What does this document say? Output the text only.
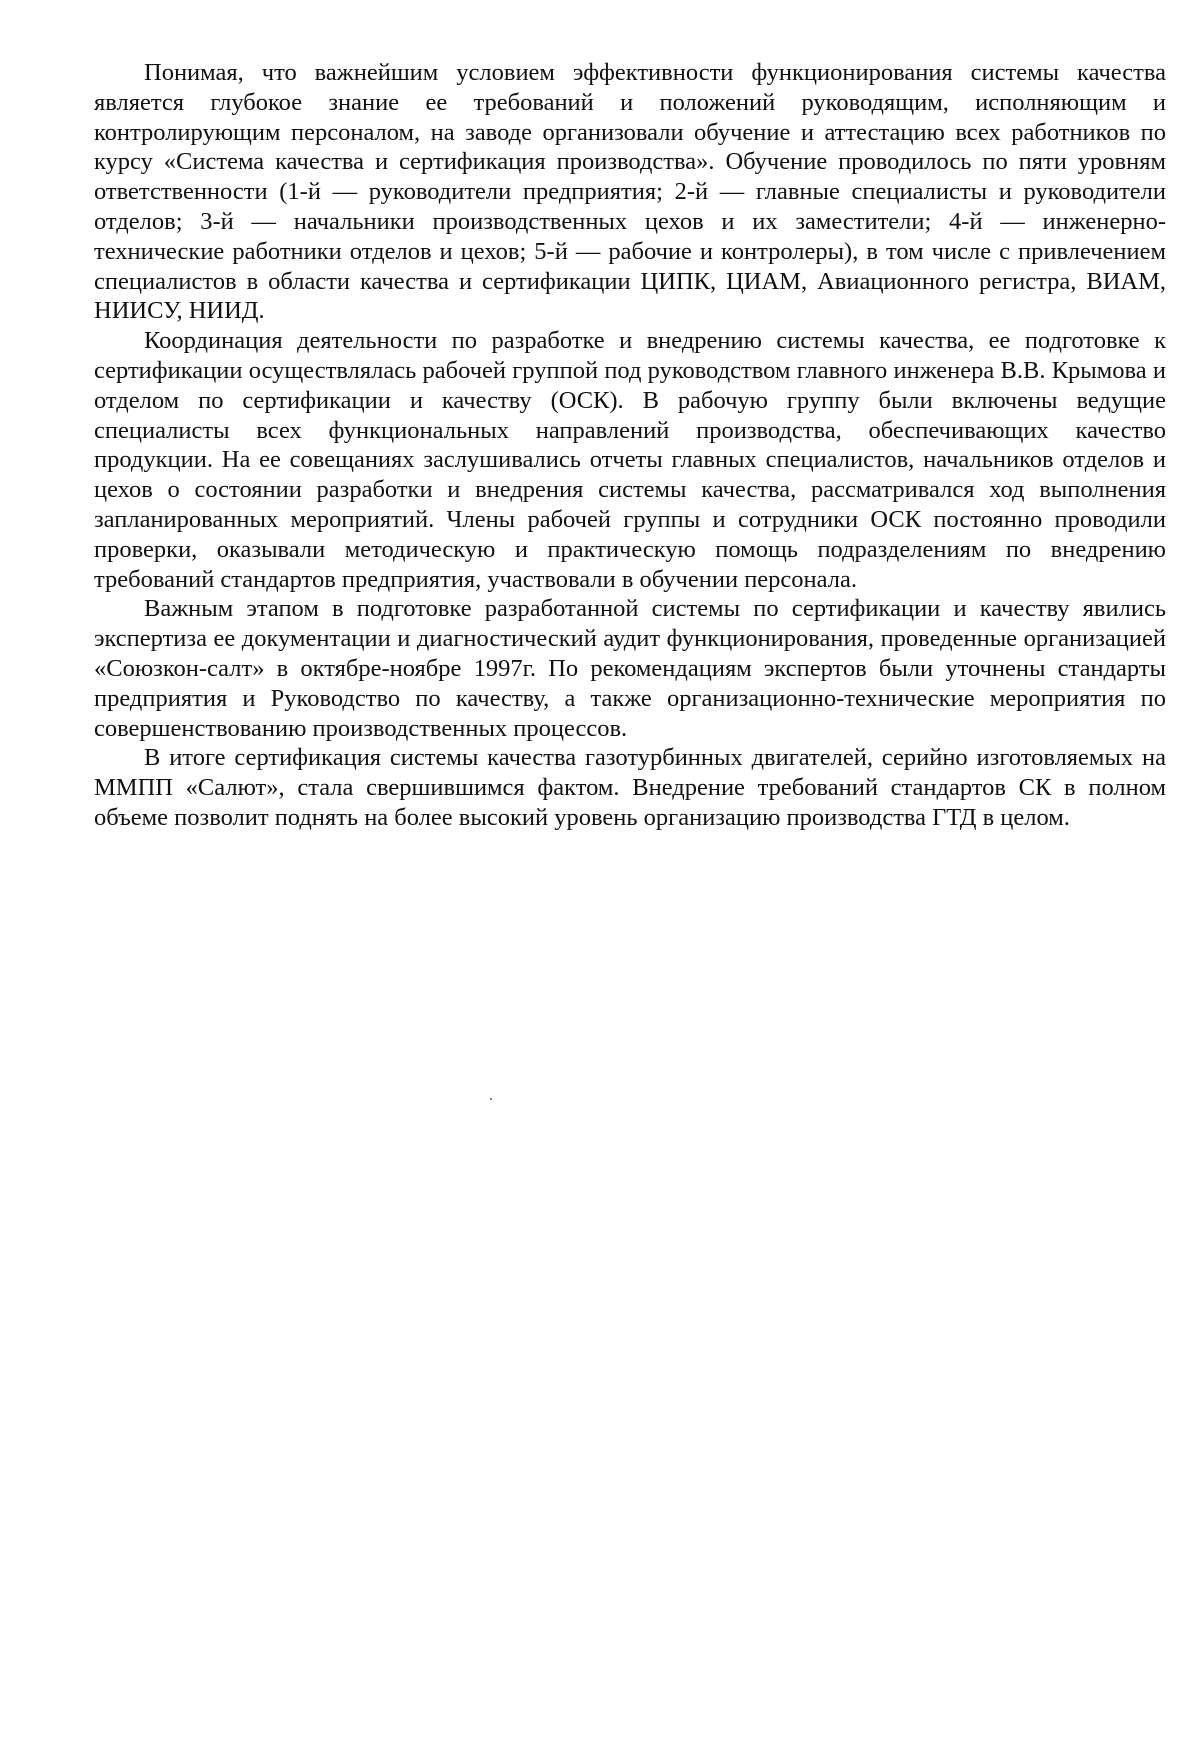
Понимая, что важнейшим условием эффективности функционирования системы качества является глубокое знание ее требований и положений руководящим, исполняющим и контролирующим персоналом, на заводе организовали обучение и аттестацию всех работников по курсу «Система качества и сертификация производства». Обучение проводилось по пяти уровням ответственности (1-й — руководители предприятия; 2-й — главные специалисты и руководители отделов; 3-й — начальники производственных цехов и их заместители; 4-й — инженерно-технические работники отделов и цехов; 5-й — рабочие и контролеры), в том числе с привлечением специалистов в области качества и сертификации ЦИПК, ЦИАМ, Авиационного регистра, ВИАМ, НИИСУ, НИИД.

Координация деятельности по разработке и внедрению системы качества, ее подготовке к сертификации осуществлялась рабочей группой под руководством главного инженера В.В. Крымова и отделом по сертификации и качеству (ОСК). В рабочую группу были включены ведущие специалисты всех функциональных направлений производства, обеспечивающих качество продукции. На ее совещаниях заслушивались отчеты главных специалистов, начальников отделов и цехов о состоянии разработки и внедрения системы качества, рассматривался ход выполнения запланированных мероприятий. Члены рабочей группы и сотрудники ОСК постоянно проводили проверки, оказывали методическую и практическую помощь подразделениям по внедрению требований стандартов предприятия, участвовали в обучении персонала.

Важным этапом в подготовке разработанной системы по сертификации и качеству явились экспертиза ее документации и диагностический аудит функционирования, проведенные организацией «Союзкон-салт» в октябре-ноябре 1997г. По рекомендациям экспертов были уточнены стандарты предприятия и Руководство по качеству, а также организационно-технические мероприятия по совершенствованию производственных процессов.

В итоге сертификация системы качества газотурбинных двигателей, серийно изготовляемых на ММПП «Салют», стала свершившимся фактом. Внедрение требований стандартов СК в полном объеме позволит поднять на более высокий уровень организацию производства ГТД в целом.
